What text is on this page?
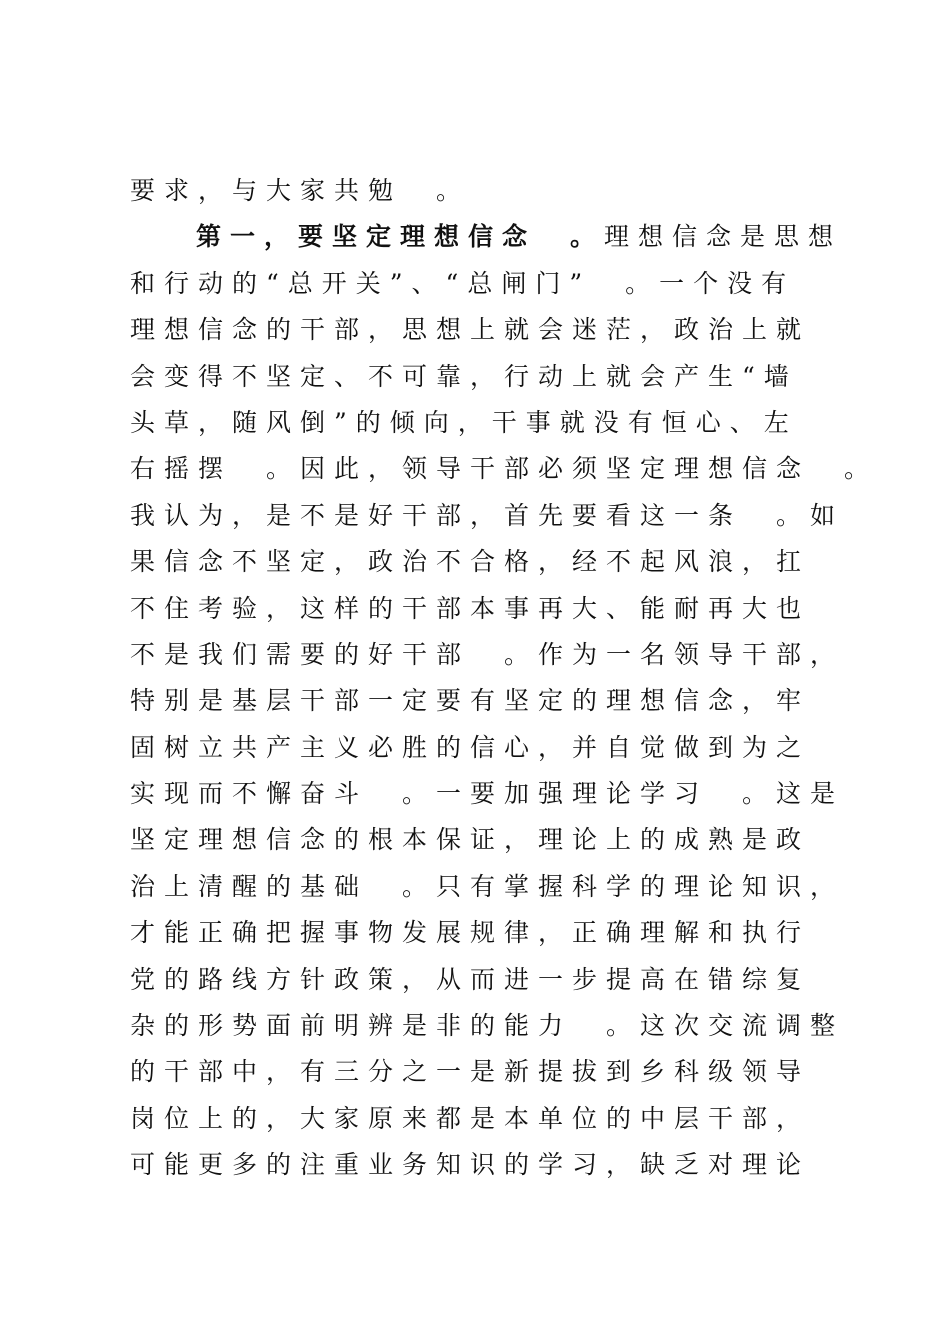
要求，与大家共勉　。
第一，要坚定理想信念　。理想信念是思想
和行动的“总开关”、“总闸门”　。一个没有
理想信念的干部，思想上就会迷茫，政治上就
会变得不坚定、不可靠，行动上就会产生“墙
头草，随风倒”的倾向，干事就没有恒心、左
右摇摆　。因此，领导干部必须坚定理想信念　。
我认为，是不是好干部，首先要看这一条　。如
果信念不坚定，政治不合格，经不起风浪，扛
不住考验，这样的干部本事再大、能耐再大也
不是我们需要的好干部　。作为一名领导干部，
特别是基层干部一定要有坚定的理想信念，牢
固树立共产主义必胜的信心，并自觉做到为之
实现而不懈奋斗　。一要加强理论学习　。这是
坚定理想信念的根本保证，理论上的成熟是政
治上清醒的基础　。只有掌握科学的理论知识，
才能正确把握事物发展规律，正确理解和执行
党的路线方针政策，从而进一步提高在错综复
杂的形势面前明辨是非的能力　。这次交流调整
的干部中，有三分之一是新提拔到乡科级领导
岗位上的，大家原来都是本单位的中层干部，
可能更多的注重业务知识的学习，缺乏对理论
